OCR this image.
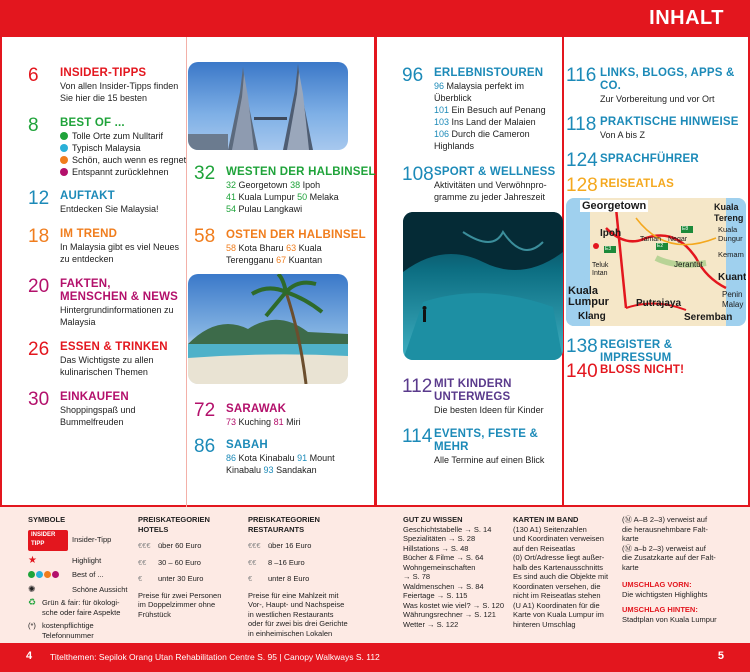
INHALT
6 INSIDER-TIPPS
Von allen Insider-Tipps finden
Sie hier die 15 besten
8 BEST OF ...
Tolle Orte zum Nulltarif
Typisch Malaysia
Schön, auch wenn es regnet
Entspannt zurücklehnen
12 AUFTAKT
Entdecken Sie Malaysia!
18 IM TREND
In Malaysia gibt es viel Neues
zu entdecken
20 FAKTEN,
MENSCHEN & NEWS
Hintergrundinformationen zu
Malaysia
26 ESSEN & TRINKEN
Das Wichtigste zu allen
kulinarischen Themen
30 EINKAUFEN
Shoppingspaß und
Bummelfreuden
32 WESTEN DER HALBINSEL
32 Georgetown 38 Ipoh
41 Kuala Lumpur 50 Melaka
54 Pulau Langkawi
58 OSTEN DER HALBINSEL
58 Kota Bharu 63 Kuala
Terengganu 67 Kuantan
72 SARAWAK
73 Kuching 81 Miri
86 SABAH
86 Kota Kinabalu 91 Mount
Kinabalu 93 Sandakan
96 ERLEBNISTOUREN
96 Malaysia perfekt im
Überblick
101 Ein Besuch auf Penang
103 Ins Land der Malaien
106 Durch die Cameron
Highlands
108 SPORT & WELLNESS
Aktivitäten und Verwöhnpro-
gramme zu jeder Jahreszeit
112 MIT KINDERN
UNTERWEGS
Die besten Ideen für Kinder
114 EVENTS, FESTE & MEHR
Alle Termine auf einen Blick
116 LINKS, BLOGS, APPS &
CO.
Zur Vorbereitung und vor Ort
118 PRAKTISCHE HINWEISE
Von A bis Z
124 SPRACHFÜHRER
128 REISEATLAS
Georgetown	Kuala
Tereng
Kuala
Dungur
Ipoh
Taman Negar
Jerantut
Kemam
Teluk
Intan	Kuant
Kuala
Lumpur	Putrajaya
Penin
Malay
Klang	Seremban
E8
E2
E3
138 REGISTER & IMPRESSUM
140 BLOSS NICHT!
SYMBOLE
INSIDER TIPP	Insider-Tipp
★	Highlight
Best of ...
✺	Schöne Aussicht
♻ Grün & fair: für ökologi-
sche oder faire Aspekte
(*) kostenpflichtige
Telefonnummer
PREISKATEGORIEN
HOTELS
€€€ über 60 Euro
€€	30 – 60 Euro
€	unter 30 Euro
Preise für zwei Personen
im Doppelzimmer ohne
Frühstück
PREISKATEGORIEN
RESTAURANTS
€€€ über 16 Euro
€€	8 –16 Euro
€	unter 8 Euro
Preise für eine Mahlzeit mit
Vor-, Haupt- und Nachspeise
in westlichen Restaurants
oder für zwei bis drei Gerichte
in einheimischen Lokalen
GUT ZU WISSEN
Geschichtstabelle → S. 14
Spezialitäten → S. 28
Hillstations → S. 48
Bücher & Filme → S. 64
Wohngemeinschaften
→ S. 78
Waldmenschen → S. 84
Feiertage → S. 115
Was kostet wie viel? → S. 120
Währungsrechner → S. 121
Wetter → S. 122
KARTEN IM BAND
(130 A1) Seitenzahlen
und Koordinaten verweisen
auf den Reiseatlas
(0) Ort/Adresse liegt außer-
halb des Kartenausschnitts
Es sind auch die Objekte mit
Koordinaten versehen, die
nicht im Reiseatlas stehen
(U A1) Koordinaten für die
Karte von Kuala Lumpur im
hinteren Umschlag
(Ⓜ A–B 2–3) verweist auf
die herausnehmbare Falt-
karte
(Ⓜ a–b 2–3) verweist auf
die Zusatzkarte auf der Falt-
karte
UMSCHLAG VORN:
Die wichtigsten Highlights
UMSCHLAG HINTEN:
Stadtplan von Kuala Lumpur
4 Titelthemen: Sepilok Orang Utan Rehabilitation Centre S. 95 | Canopy Walkways S. 112	5
